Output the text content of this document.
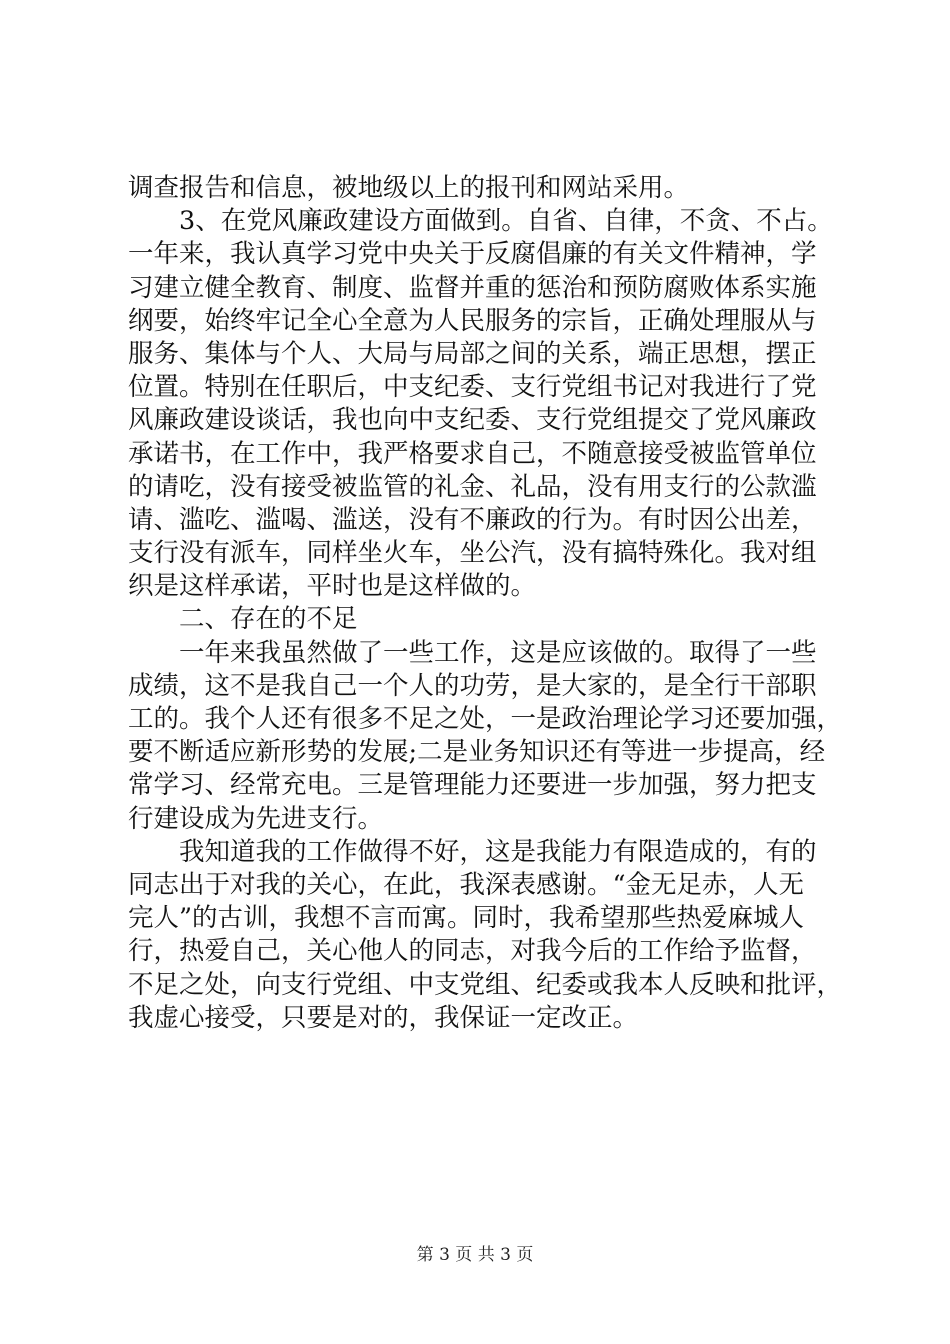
调查报告和信息，被地级以上的报刊和网站采用。
3、在党风廉政建设方面做到。自省、自律，不贪、不占。
一年来，我认真学习党中央关于反腐倡廉的有关文件精神，学
习建立健全教育、制度、监督并重的惩治和预防腐败体系实施
纲要，始终牢记全心全意为人民服务的宗旨，正确处理服从与
服务、集体与个人、大局与局部之间的关系，端正思想，摆正
位置。特别在任职后，中支纪委、支行党组书记对我进行了党
风廉政建设谈话，我也向中支纪委、支行党组提交了党风廉政
承诺书，在工作中，我严格要求自己，不随意接受被监管单位
的请吃，没有接受被监管的礼金、礼品，没有用支行的公款滥
请、滥吃、滥喝、滥送，没有不廉政的行为。有时因公出差，
支行没有派车，同样坐火车，坐公汽，没有搞特殊化。我对组
织是这样承诺，平时也是这样做的。
二、存在的不足
一年来我虽然做了一些工作，这是应该做的。取得了一些
成绩，这不是我自己一个人的功劳，是大家的，是全行干部职
工的。我个人还有很多不足之处，一是政治理论学习还要加强，
要不断适应新形势的发展;二是业务知识还有等进一步提高，经
常学习、经常充电。三是管理能力还要进一步加强，努力把支
行建设成为先进支行。
我知道我的工作做得不好，这是我能力有限造成的，有的
同志出于对我的关心，在此，我深表感谢。“金无足赤，人无
完人”的古训，我想不言而寓。同时，我希望那些热爱麻城人
行，热爱自己，关心他人的同志，对我今后的工作给予监督，
不足之处，向支行党组、中支党组、纪委或我本人反映和批评，
我虚心接受，只要是对的，我保证一定改正。
第 3 页 共 3 页
